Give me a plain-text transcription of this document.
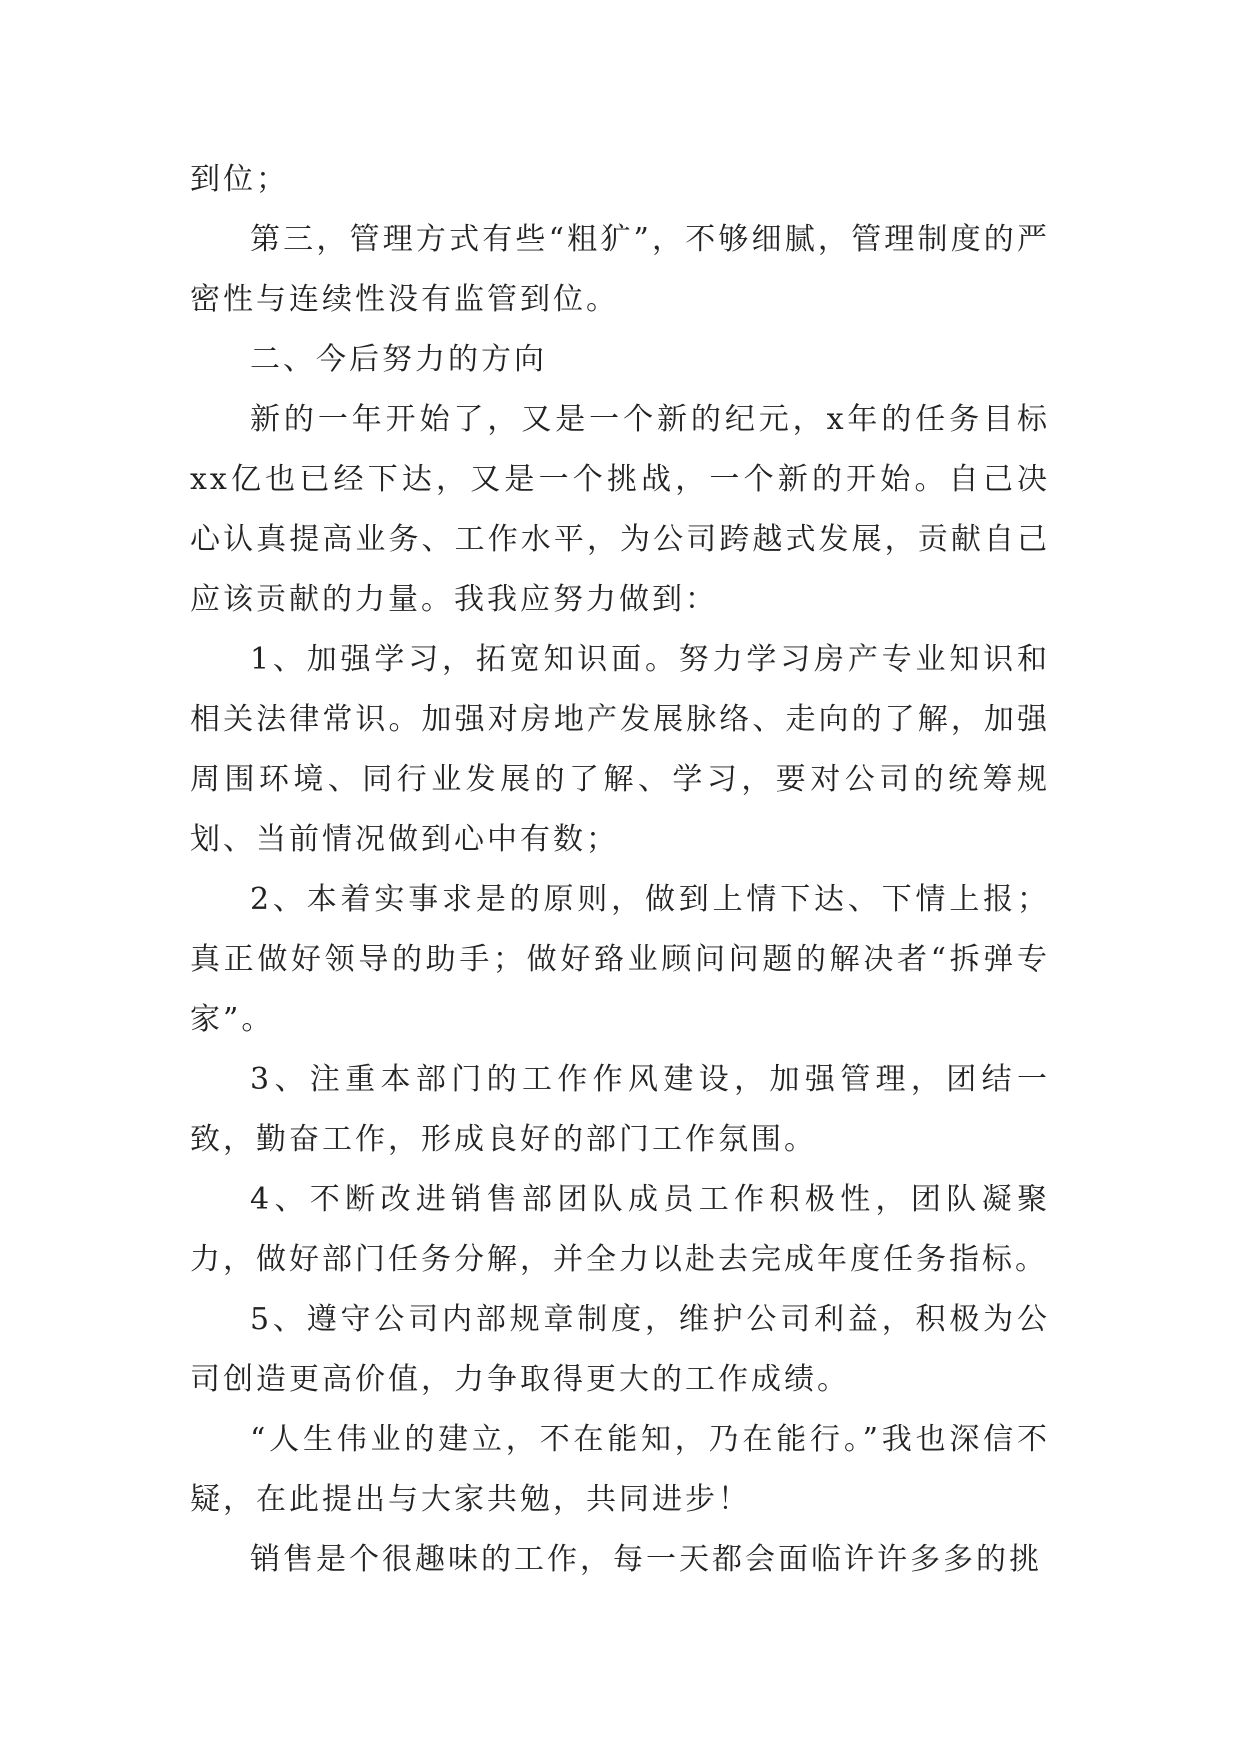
到位；

第三，管理方式有些“粗犷”，不够细腻，管理制度的严密性与连续性没有监管到位。

二、今后努力的方向

新的一年开始了，又是一个新的纪元，x年的任务目标xx亿也已经下达，又是一个挑战，一个新的开始。自己决心认真提高业务、工作水平，为公司跨越式发展，贡献自己应该贡献的力量。我我应努力做到：

1、加强学习，拓宽知识面。努力学习房产专业知识和相关法律常识。加强对房地产发展脉络、走向的了解，加强周围环境、同行业发展的了解、学习，要对公司的统筹规划、当前情况做到心中有数；

2、本着实事求是的原则，做到上情下达、下情上报；真正做好领导的助手；做好臵业顾问问题的解决者“拆弹专家”。

3、注重本部门的工作作风建设，加强管理，团结一致，勤奋工作，形成良好的部门工作氛围。

4、不断改进销售部团队成员工作积极性，团队凝聚力，做好部门任务分解，并全力以赴去完成年度任务指标。

5、遵守公司内部规章制度，维护公司利益，积极为公司创造更高价值，力争取得更大的工作成绩。

“人生伟业的建立，不在能知，乃在能行。”我也深信不疑，在此提出与大家共勉，共同进步！

销售是个很趣味的工作，每一天都会面临许许多多的挑
